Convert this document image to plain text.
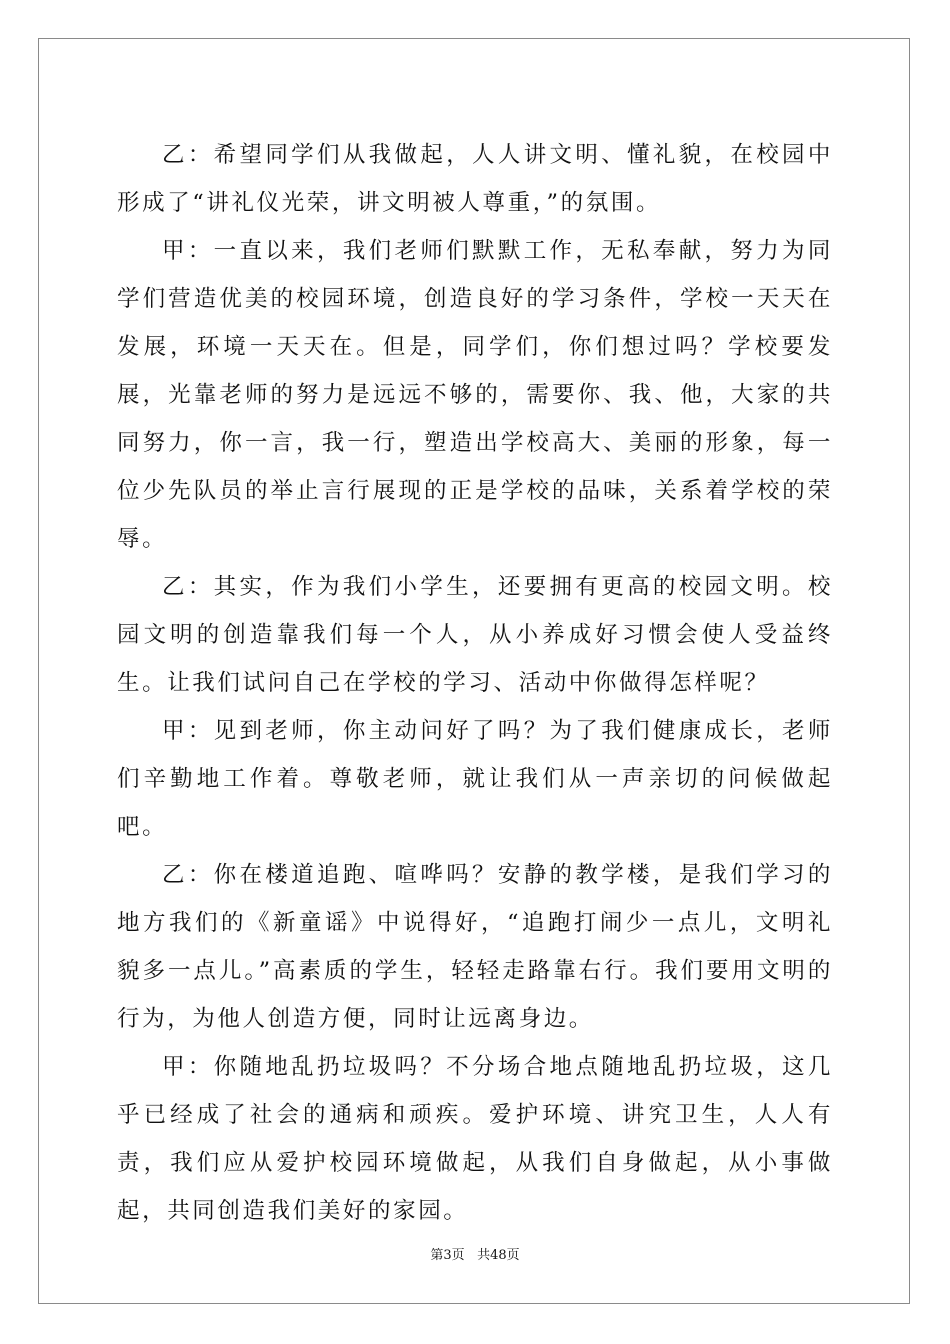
乙：希望同学们从我做起，人人讲文明、懂礼貌，在校园中形成了“讲礼仪光荣，讲文明被人尊重，”的氛围。

甲：一直以来，我们老师们默默工作，无私奉献，努力为同学们营造优美的校园环境，创造良好的学习条件，学校一天天在发展，环境一天天在。但是，同学们，你们想过吗？学校要发展，光靠老师的努力是远远不够的，需要你、我、他，大家的共同努力，你一言，我一行，塑造出学校高大、美丽的形象，每一位少先队员的举止言行展现的正是学校的品味，关系着学校的荣辱。

乙：其实，作为我们小学生，还要拥有更高的校园文明。校园文明的创造靠我们每一个人，从小养成好习惯会使人受益终生。让我们试问自己在学校的学习、活动中你做得怎样呢？

甲：见到老师，你主动问好了吗？为了我们健康成长，老师们辛勤地工作着。尊敬老师，就让我们从一声亲切的问候做起吧。

乙：你在楼道追跑、喧哗吗？安静的教学楼，是我们学习的地方我们的《新童谣》中说得好，“追跑打闹少一点儿，文明礼貌多一点儿。”高素质的学生，轻轻走路靠右行。我们要用文明的行为，为他人创造方便，同时让远离身边。

甲：你随地乱扔垃圾吗？不分场合地点随地乱扔垃圾，这几乎已经成了社会的通病和顽疾。爱护环境、讲究卫生，人人有责，我们应从爱护校园环境做起，从我们自身做起，从小事做起，共同创造我们美好的家园。

第3页 共48页
